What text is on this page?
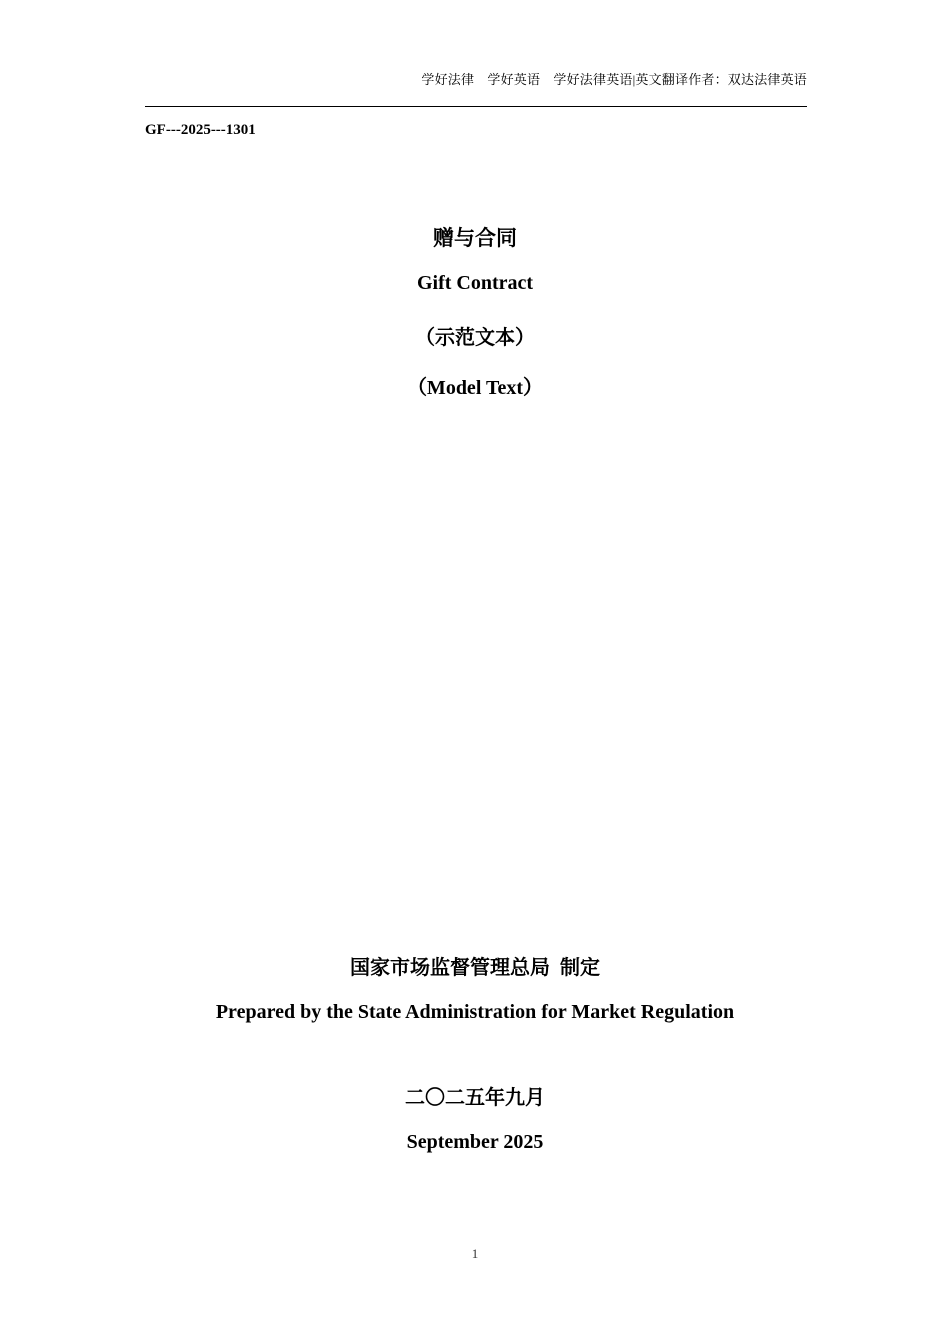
学好法律　学好英语　学好法律英语|英文翻译作者：双达法律英语
GF---2025---1301
赠与合同
Gift Contract
（示范文本）
（Model Text）
国家市场监督管理总局  制定
Prepared by the State Administration for Market Regulation
二〇二五年九月
September 2025
1
